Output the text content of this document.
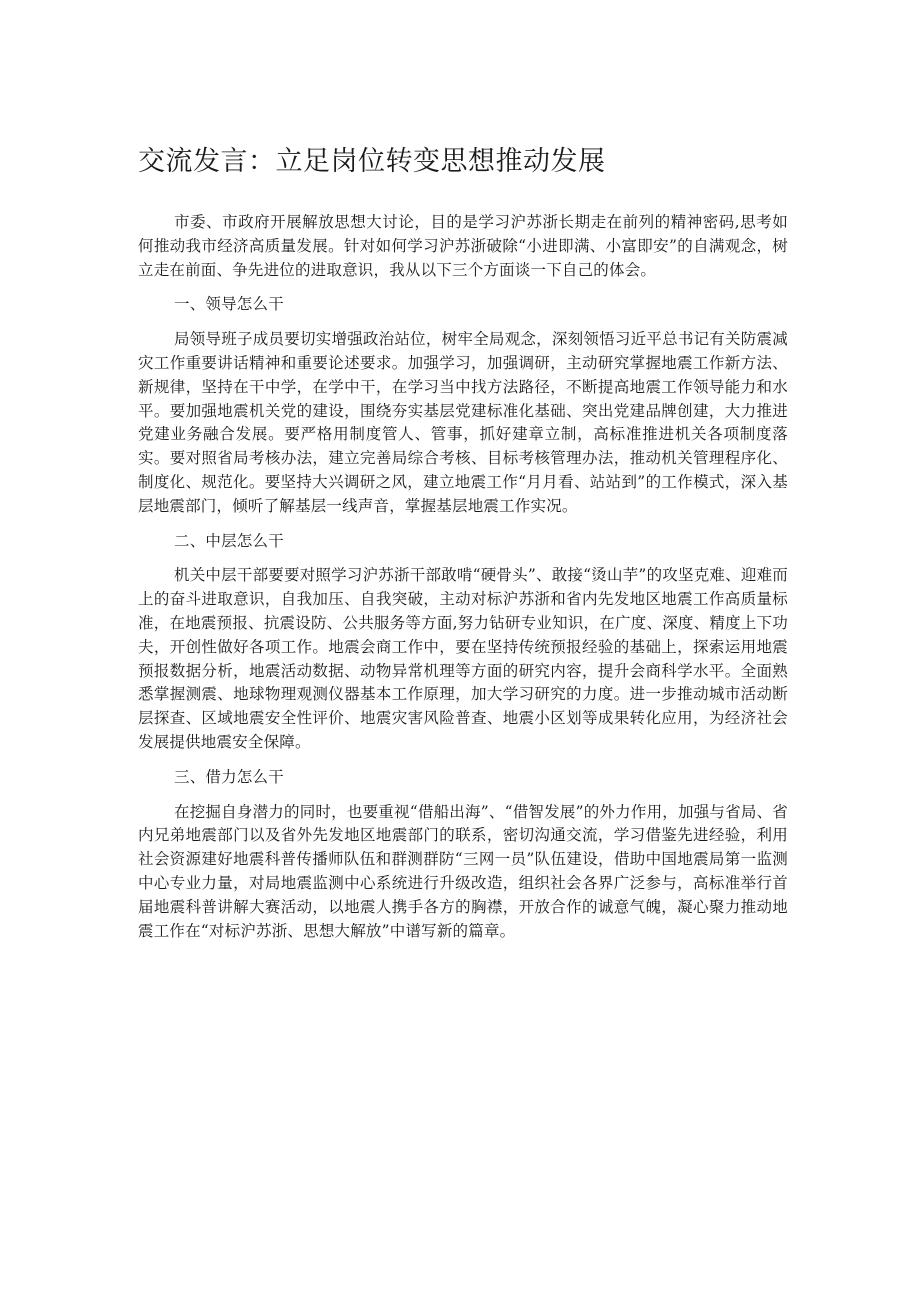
交流发言：立足岗位转变思想推动发展

市委、市政府开展解放思想大讨论，目的是学习沪苏浙长期走在前列的精神密码,思考如何推动我市经济高质量发展。针对如何学习沪苏浙破除“小进即满、小富即安”的自满观念，树立走在前面、争先进位的进取意识，我从以下三个方面谈一下自己的体会。

一、领导怎么干

局领导班子成员要切实增强政治站位，树牢全局观念，深刻领悟习近平总书记有关防震减灾工作重要讲话精神和重要论述要求。加强学习，加强调研，主动研究掌握地震工作新方法、新规律，坚持在干中学，在学中干，在学习当中找方法路径，不断提高地震工作领导能力和水平。要加强地震机关党的建设，围绕夯实基层党建标准化基础、突出党建品牌创建，大力推进党建业务融合发展。要严格用制度管人、管事，抓好建章立制，高标准推进机关各项制度落实。要对照省局考核办法，建立完善局综合考核、目标考核管理办法，推动机关管理程序化、制度化、规范化。要坚持大兴调研之风，建立地震工作“月月看、站站到”的工作模式，深入基层地震部门，倾听了解基层一线声音，掌握基层地震工作实况。

二、中层怎么干

机关中层干部要要对照学习沪苏浙干部敢啃“硬骨头”、敢接“烫山芋”的攻坚克难、迎难而上的奋斗进取意识，自我加压、自我突破，主动对标沪苏浙和省内先发地区地震工作高质量标准，在地震预报、抗震设防、公共服务等方面,努力钻研专业知识，在广度、深度、精度上下功夫，开创性做好各项工作。地震会商工作中，要在坚持传统预报经验的基础上，探索运用地震预报数据分析，地震活动数据、动物异常机理等方面的研究内容，提升会商科学水平。全面熟悉掌握测震、地球物理观测仪器基本工作原理，加大学习研究的力度。进一步推动城市活动断层探查、区域地震安全性评价、地震灾害风险普查、地震小区划等成果转化应用，为经济社会发展提供地震安全保障。

三、借力怎么干

在挖掘自身潜力的同时，也要重视“借船出海”、“借智发展”的外力作用，加强与省局、省内兄弟地震部门以及省外先发地区地震部门的联系，密切沟通交流，学习借鉴先进经验，利用社会资源建好地震科普传播师队伍和群测群防“三网一员”队伍建设，借助中国地震局第一监测中心专业力量，对局地震监测中心系统进行升级改造，组织社会各界广泛参与，高标准举行首届地震科普讲解大赛活动，以地震人携手各方的胸襟，开放合作的诚意气魄，凝心聚力推动地震工作在“对标沪苏浙、思想大解放”中谱写新的篇章。
